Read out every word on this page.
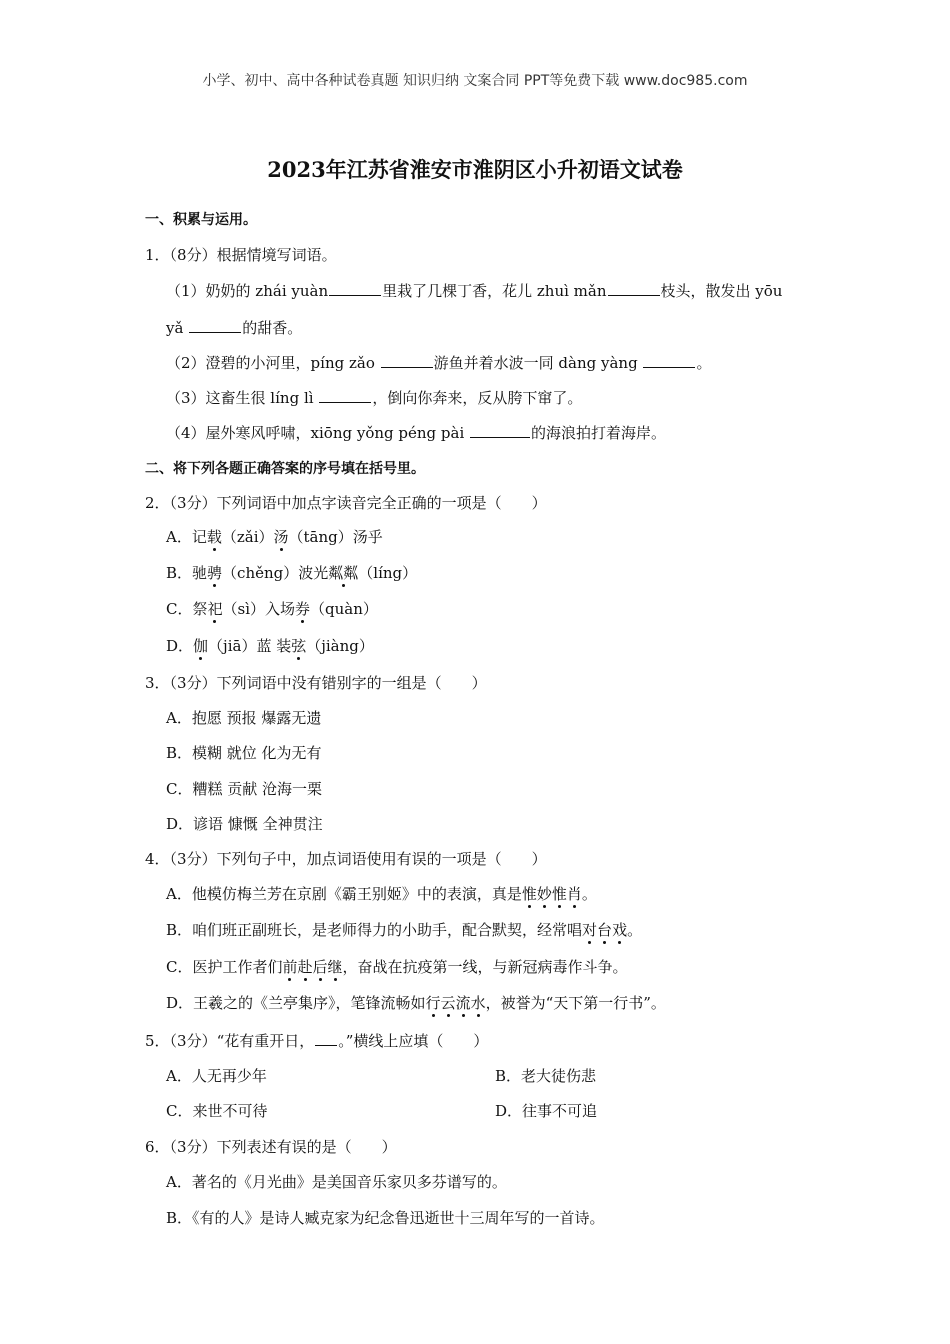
小学、初中、高中各种试卷真题 知识归纳 文案合同 PPT等免费下载 www.doc985.com
2023年江苏省淮安市淮阴区小升初语文试卷
一、积累与运用。
1．（8分）根据情境写词语。
（1）奶奶的 zhái yuàn	里栽了几棵丁香，花儿 zhuì mǎn	枝头，散发出 yōu
yǎ	的甜香。
（2）澄碧的小河里，píng zǎo	游鱼并着水波一同 dàng yàng	。
（3）这畜生很 líng lì	，倒向你奔来，反从胯下窜了。
（4）屋外寒风呼啸，xiōng yǒng péng pài	的海浪拍打着海岸。
二、将下列各题正确答案的序号填在括号里。
2．（3分）下列词语中加点字读音完全正确的一项是（　　）
A．记载（zǎi）汤（tāng）汤乎
B．驰骋（chěng）波光粼粼（líng）
C．祭祀（sì）入场券（quàn）
D．伽（jiā）蓝 装弦（jiàng）
3．（3分）下列词语中没有错别字的一组是（　　）
A．抱愿 预报 爆露无遗
B．模糊 就位 化为无有
C．糟糕 贡献 沧海一栗
D．谚语 慷慨 全神贯注
4．（3分）下列句子中，加点词语使用有误的一项是（　　）
A．他模仿梅兰芳在京剧《霸王别姬》中的表演，真是惟妙惟肖。
B．咱们班正副班长，是老师得力的小助手，配合默契，经常唱对台戏。
C．医护工作者们前赴后继，奋战在抗疫第一线，与新冠病毒作斗争。
D．王羲之的《兰亭集序》，笔锋流畅如行云流水，被誉为“天下第一行书”。
5．（3分）“花有重开日， 。”横线上应填（　　）
A．人无再少年	B．老大徒伤悲
C．来世不可待	D．往事不可追
6．（3分）下列表述有误的是（　　）
A．著名的《月光曲》是美国音乐家贝多芬谱写的。
B．《有的人》是诗人臧克家为纪念鲁迅逝世十三周年写的一首诗。
